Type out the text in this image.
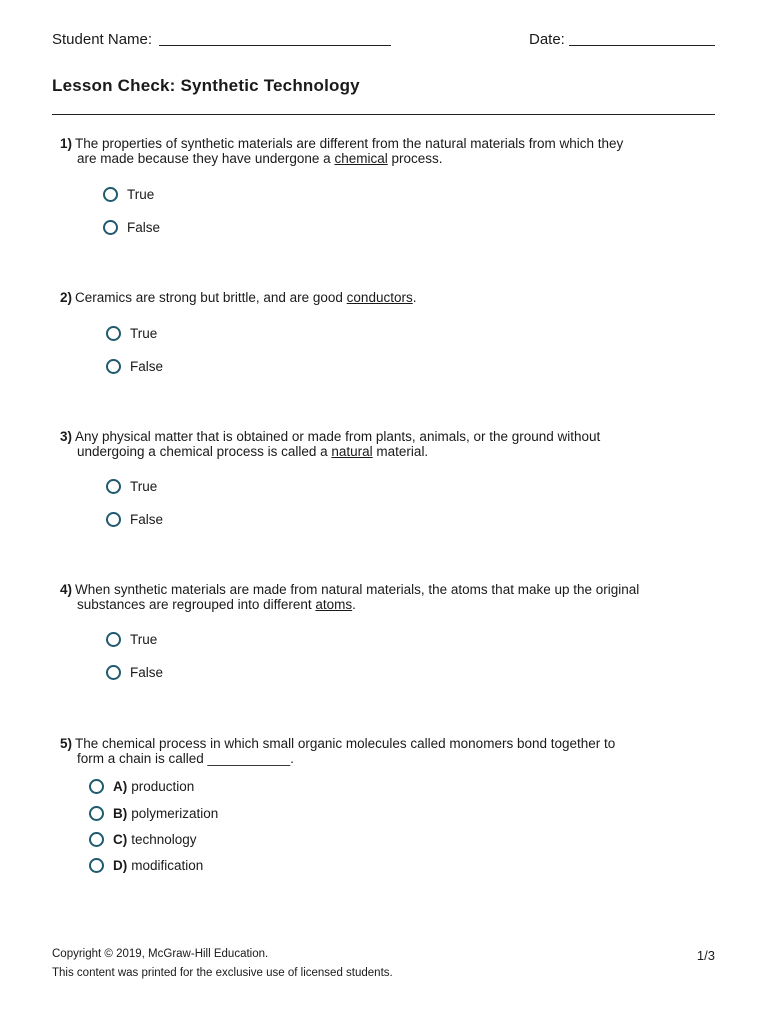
Student Name:	Date:
Lesson Check: Synthetic Technology
1) The properties of synthetic materials are different from the natural materials from which they
are made because they have undergone a chemical process.
True
False
2) Ceramics are strong but brittle, and are good conductors.
True
False
3) Any physical matter that is obtained or made from plants, animals, or the ground without
undergoing a chemical process is called a natural material.
True
False
4) When synthetic materials are made from natural materials, the atoms that make up the original
substances are regrouped into different atoms.
True
False
5) The chemical process in which small organic molecules called monomers bond together to
form a chain is called ___________.
A) production
B) polymerization
C) technology
D) modification
Copyright © 2019, McGraw-Hill Education.
This content was printed for the exclusive use of licensed students.
1/3
